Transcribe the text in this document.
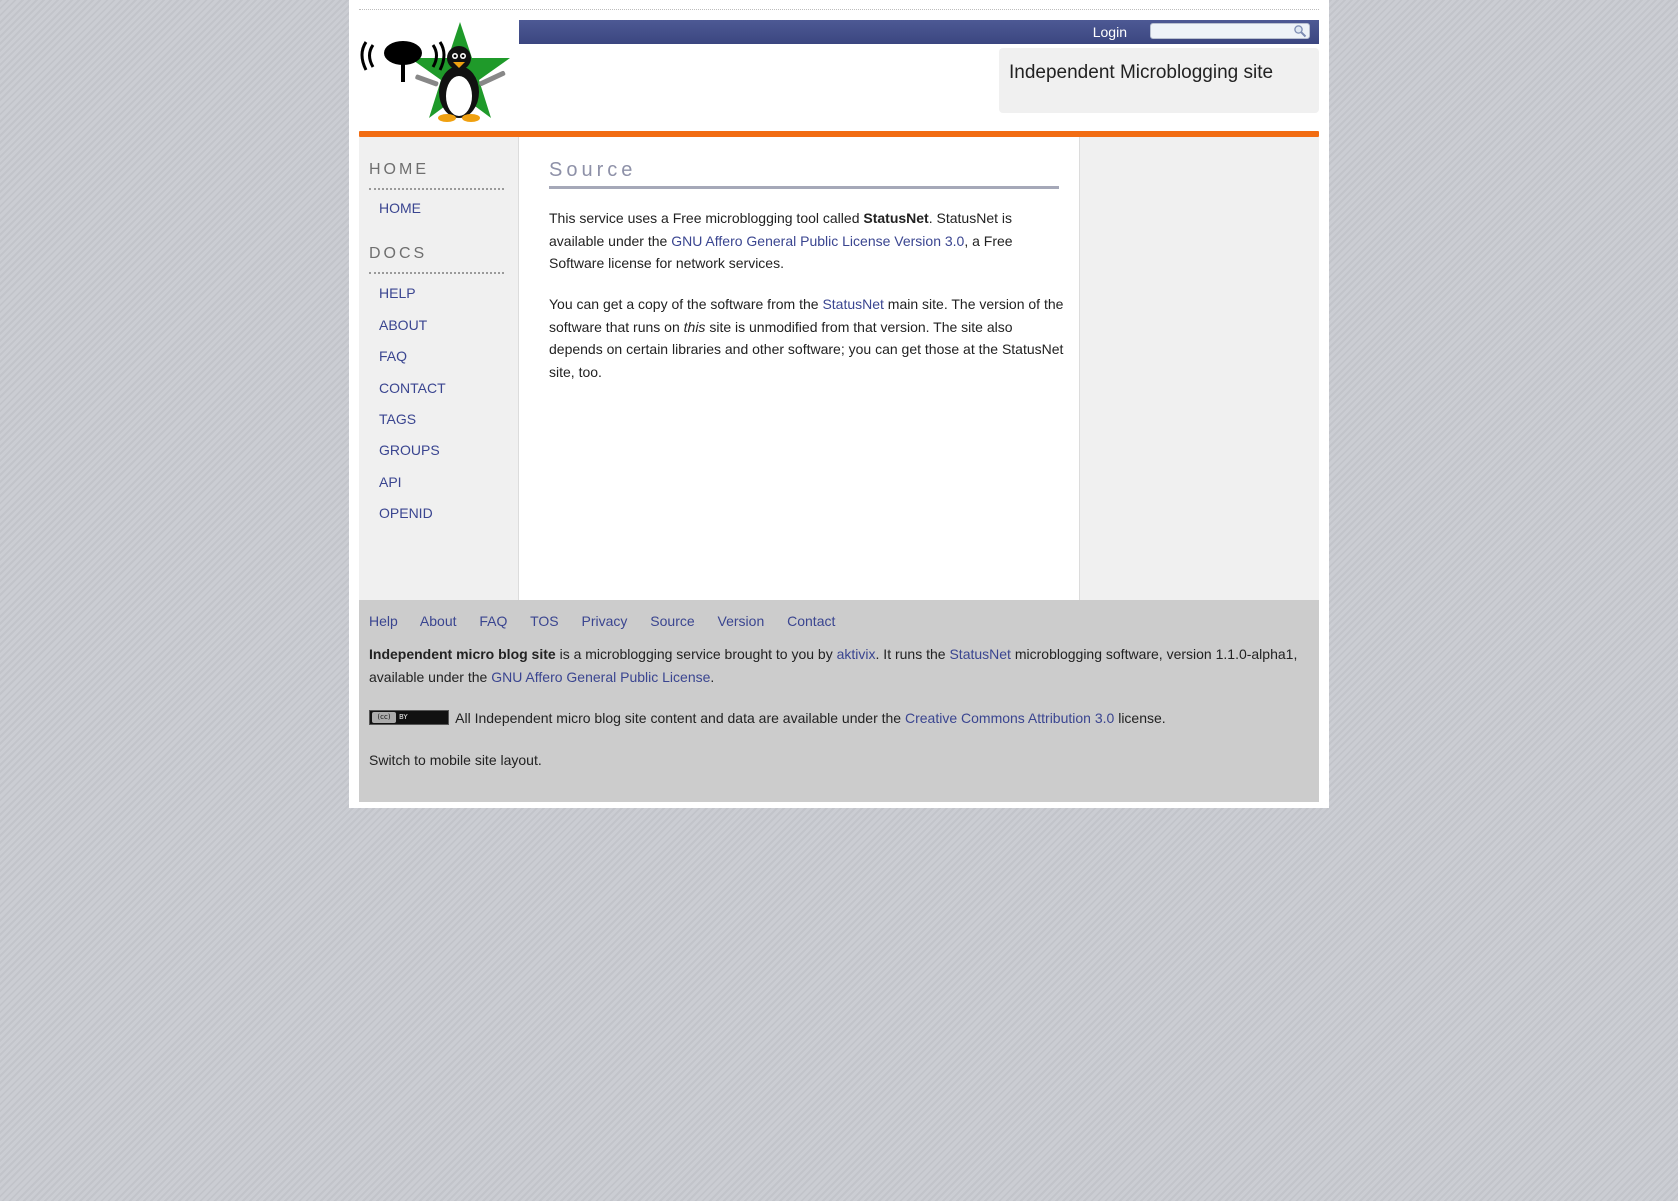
Login
Independent Microblogging site
HOME
HOME
DOCS
HELP
ABOUT
FAQ
CONTACT
TAGS
GROUPS
API
OPENID
Source

This service uses a Free microblogging tool called StatusNet. StatusNet is available under the GNU Affero General Public License Version 3.0, a Free Software license for network services.

You can get a copy of the software from the StatusNet main site. The version of the software that runs on this site is unmodified from that version. The site also depends on certain libraries and other software; you can get those at the StatusNet site, too.

Help About FAQ TOS Privacy Source Version Contact

Independent micro blog site is a microblogging service brought to you by aktivix. It runs the StatusNet microblogging software, version 1.1.0-alpha1, available under the GNU Affero General Public License.

(cc)	BY	All Independent micro blog site content and data are available under the Creative Commons Attribution 3.0 license.

Switch to mobile site layout.
